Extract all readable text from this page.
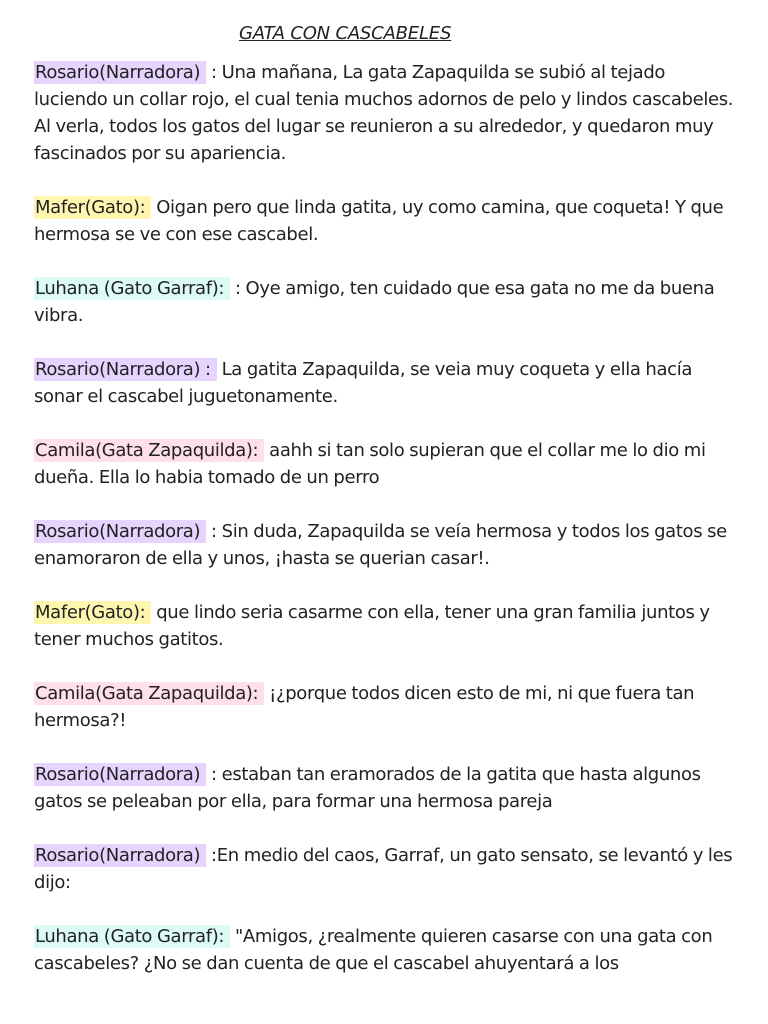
GATA CON CASCABELES

Rosario(Narradora) : Una mañana, La gata Zapaquilda se subió al tejado luciendo un collar rojo, el cual tenia muchos adornos de pelo y lindos cascabeles. Al verla, todos los gatos del lugar se reunieron a su alrededor, y quedaron muy fascinados por su apariencia.

Mafer(Gato): Oigan pero que linda gatita, uy como camina, que coqueta! Y que hermosa se ve con ese cascabel.

Luhana (Gato Garraf): : Oye amigo, ten cuidado que esa gata no me da buena vibra.

Rosario(Narradora) : La gatita Zapaquilda, se veia muy coqueta y ella hacía sonar el cascabel juguetonamente.

Camila(Gata Zapaquilda): aahh si tan solo supieran que el collar me lo dio mi dueña. Ella lo habia tomado de un perro

Rosario(Narradora) : Sin duda, Zapaquilda se veía hermosa y todos los gatos se enamoraron de ella y unos, ¡hasta se querian casar!.

Mafer(Gato): que lindo seria casarme con ella, tener una gran familia juntos y tener muchos gatitos.

Camila(Gata Zapaquilda): ¡¿porque todos dicen esto de mi, ni que fuera tan hermosa?!

Rosario(Narradora) : estaban tan eramorados de la gatita que hasta algunos gatos se peleaban por ella, para formar una hermosa pareja

Rosario(Narradora) :En medio del caos, Garraf, un gato sensato, se levantó y les dijo:

Luhana (Gato Garraf): "Amigos, ¿realmente quieren casarse con una gata con cascabeles? ¿No se dan cuenta de que el cascabel ahuyentará a los
